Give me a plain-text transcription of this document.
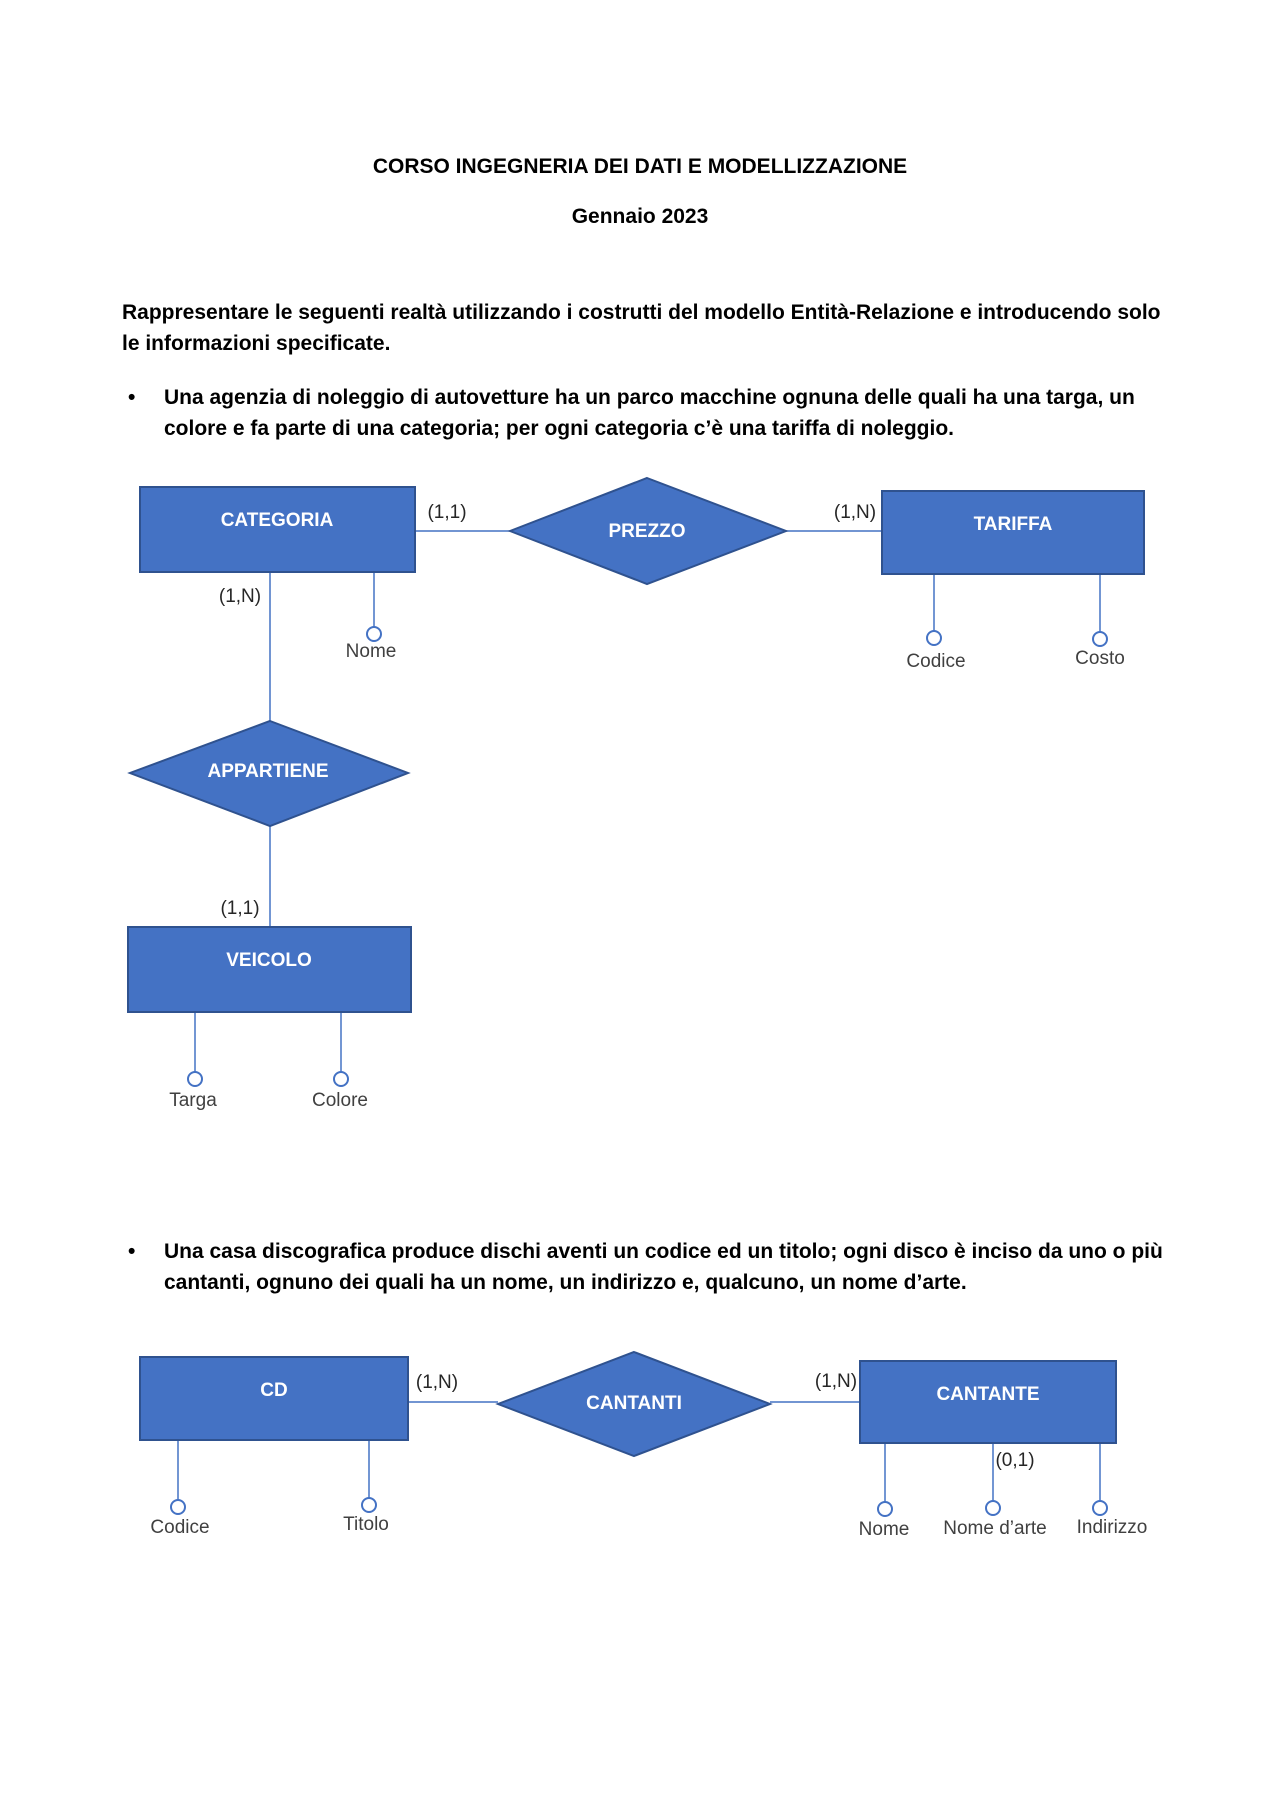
CORSO INGEGNERIA DEI DATI E MODELLIZZAZIONE

Gennaio 2023

Rappresentare le seguenti realtà utilizzando i costrutti del modello Entità-Relazione e introducendo solo le informazioni specificate.

• Una agenzia di noleggio di autovetture ha un parco macchine ognuna delle quali ha una targa, un colore e fa parte di una categoria; per ogni categoria c’è una tariffa di noleggio.

Nome	Codice	Costo
Targa	Colore
CATEGORIA	TARIFFA
VEICOLO
PREZZO
APPARTIENE
(1,1)	(1,N)
(1,N)
(1,1)

• Una casa discografica produce dischi aventi un codice ed un titolo; ogni disco è inciso da uno o più cantanti, ognuno dei quali ha un nome, un indirizzo e, qualcuno, un nome d’arte.

Codice	Titolo	Nome Nome d’arte Indirizzo
CD	CANTANTE
CANTANTI
(1,N)	(1,N)
(0,1)
